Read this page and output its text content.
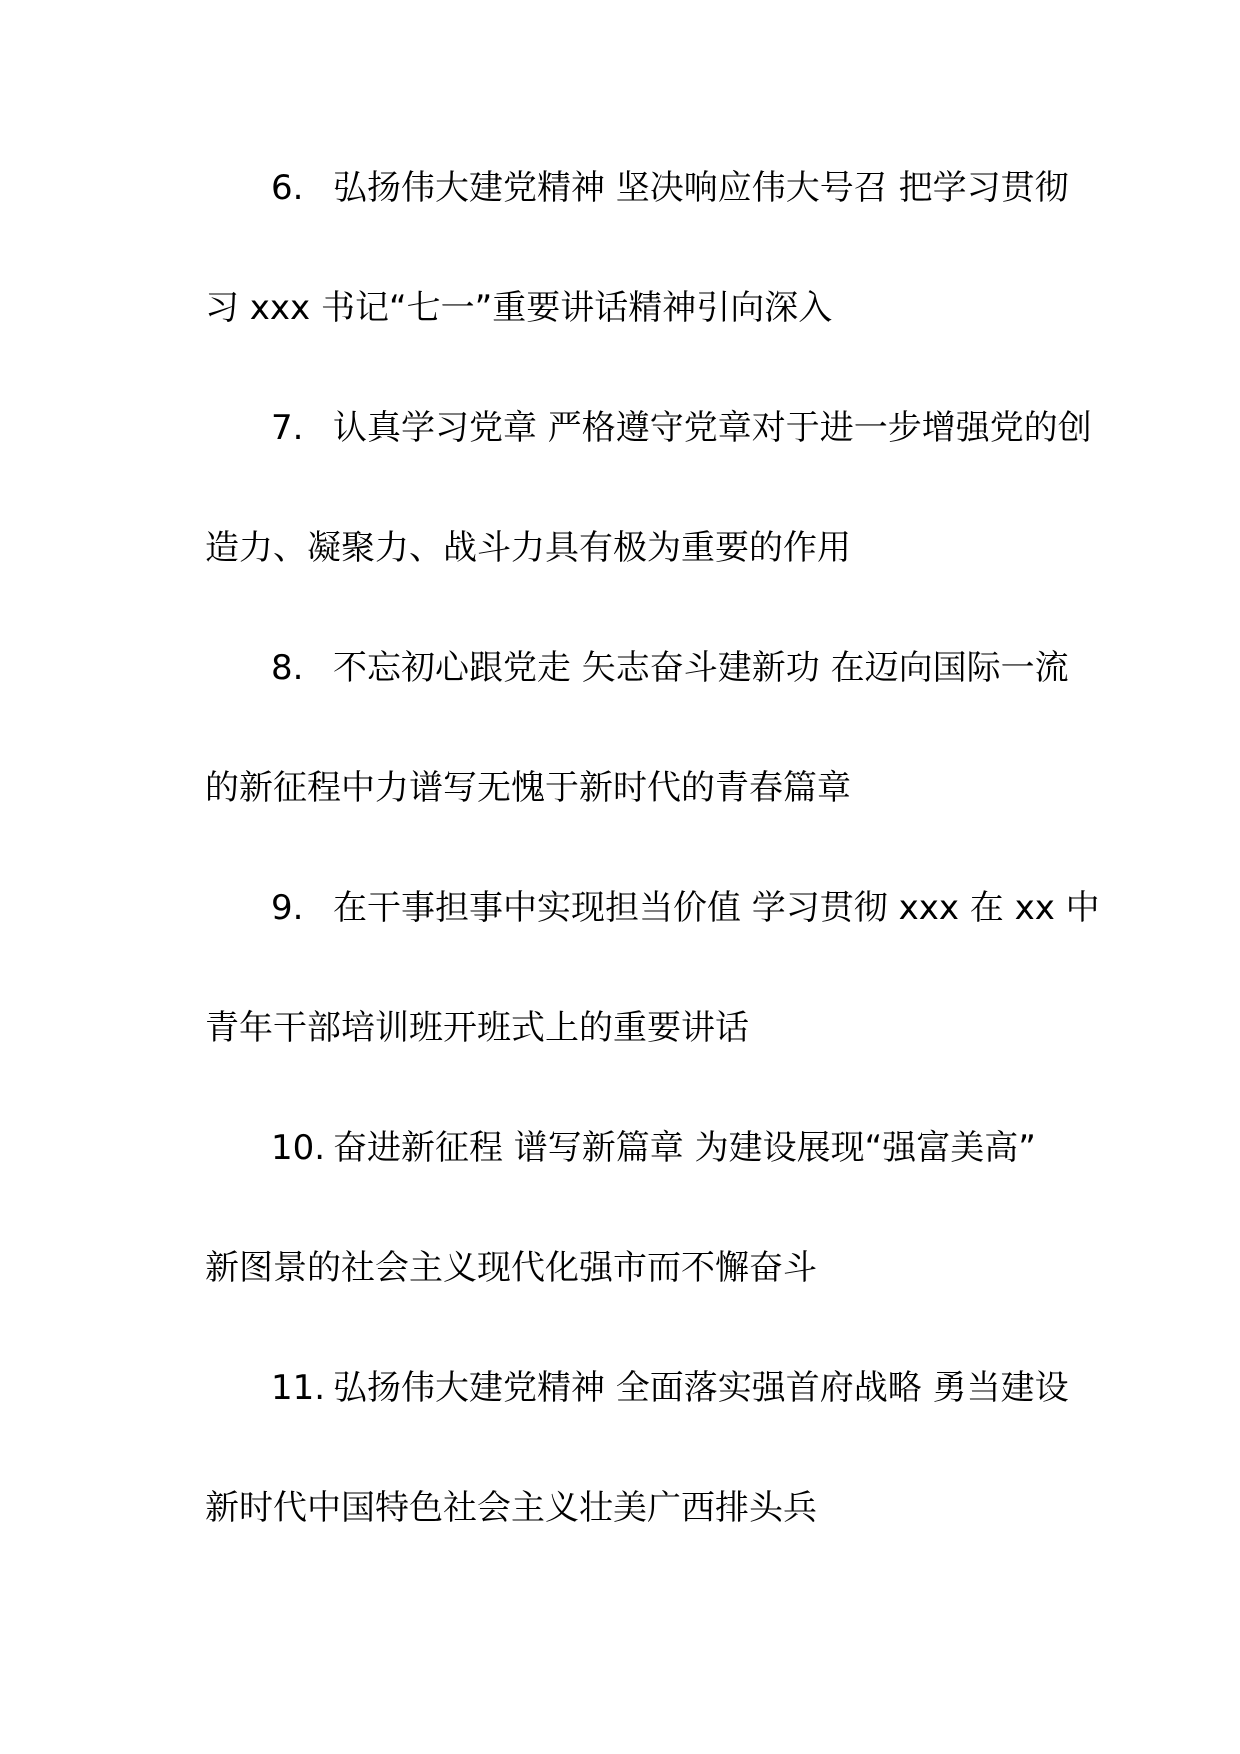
6. 弘扬伟大建党精神 坚决响应伟大号召 把学习贯彻
习 xxx 书记“七一”重要讲话精神引向深入
7. 认真学习党章 严格遵守党章对于进一步增强党的创
造力、凝聚力、战斗力具有极为重要的作用
8. 不忘初心跟党走 矢志奋斗建新功 在迈向国际一流
的新征程中力谱写无愧于新时代的青春篇章
9. 在干事担事中实现担当价值 学习贯彻 xxx 在 xx 中
青年干部培训班开班式上的重要讲话
10. 奋进新征程 谱写新篇章 为建设展现“强富美高”
新图景的社会主义现代化强市而不懈奋斗
11. 弘扬伟大建党精神 全面落实强首府战略 勇当建设
新时代中国特色社会主义壮美广西排头兵
